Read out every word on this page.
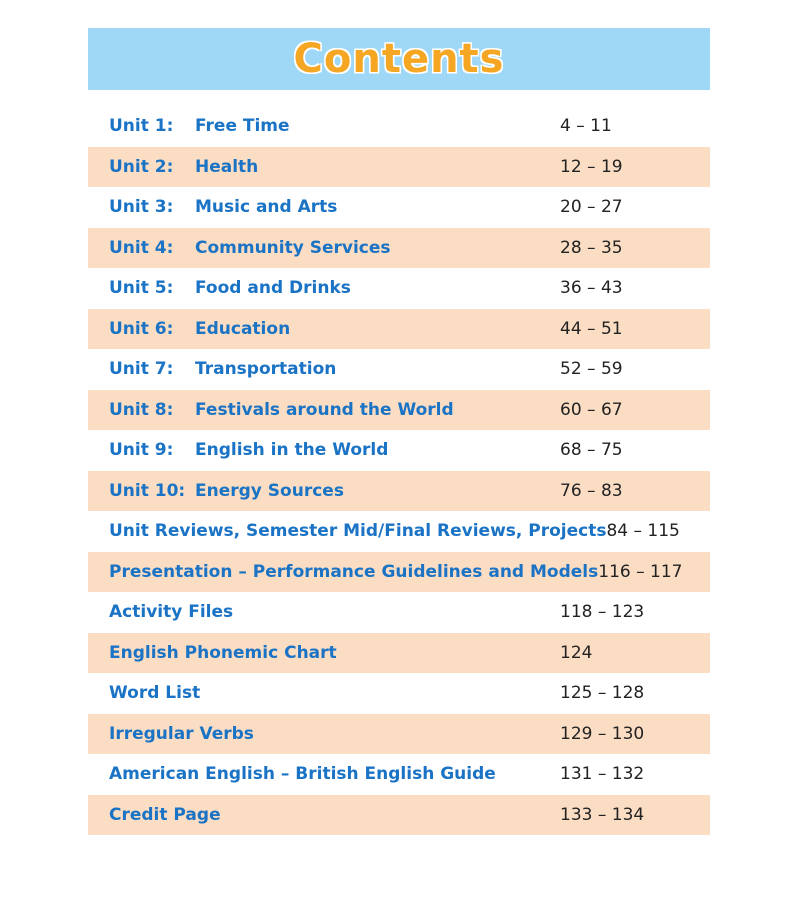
Contents
Unit 1:	Free Time	4 – 11
Unit 2:	Health	12 – 19
Unit 3:	Music and Arts	20 – 27
Unit 4:	Community Services	28 – 35
Unit 5:	Food and Drinks	36 – 43
Unit 6:	Education	44 – 51
Unit 7:	Transportation	52 – 59
Unit 8:	Festivals around the World	60 – 67
Unit 9:	English in the World	68 – 75
Unit 10: Energy Sources	76 – 83
Unit Reviews, Semester Mid/Final Reviews, Projects 84 – 115
Presentation – Performance Guidelines and Models 116 – 117
Activity Files	118 – 123
English Phonemic Chart	124
Word List	125 – 128
Irregular Verbs	129 – 130
American English – British English Guide	131 – 132
Credit Page	133 – 134
